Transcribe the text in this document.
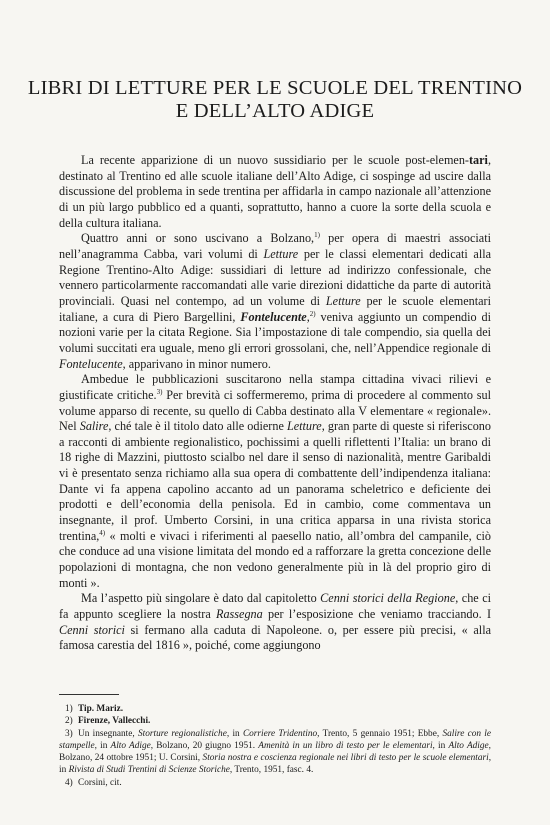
LIBRI DI LETTURE PER LE SCUOLE DEL TRENTINO
E DELL’ALTO ADIGE

La recente apparizione di un nuovo sussidiario per le scuole post-elemen-tari, destinato al Trentino ed alle scuole italiane dell’Alto Adige, ci sospinge ad uscire dalla discussione del problema in sede trentina per affidarla in campo nazionale all’attenzione di un più largo pubblico ed a quanti, soprattutto, hanno a cuore la sorte della scuola e della cultura italiana.

Quattro anni or sono uscivano a Bolzano,$^{1)}$ per opera di maestri associati nell’anagramma Cabba, vari volumi di Letture per le classi elementari dedicati alla Regione Trentino-Alto Adige: sussidiari di letture ad indirizzo confessionale, che vennero particolarmente raccomandati alle varie direzioni didattiche da parte di autorità provinciali. Quasi nel contempo, ad un volume di Letture per le scuole elementari italiane, a cura di Piero Bargellini, Fontelucente,$^{2)}$ veniva aggiunto un compendio di nozioni varie per la citata Regione. Sia l’impostazione di tale compendio, sia quella dei volumi succitati era uguale, meno gli errori grossolani, che, nell’Appendice regionale di Fontelucente, apparivano in minor numero.

Ambedue le pubblicazioni suscitarono nella stampa cittadina vivaci rilievi e giustificate critiche.$^{3)}$ Per brevità ci soffermeremo, prima di procedere al commento sul volume apparso di recente, su quello di Cabba destinato alla V elementare « regionale». Nel Salire, ché tale è il titolo dato alle odierne Letture, gran parte di queste si riferiscono a racconti di ambiente regionalistico, pochissimi a quelli riflettenti l’Italia: un brano di 18 righe di Mazzini, piuttosto scialbo nel dare il senso di nazionalità, mentre Garibaldi vi è presentato senza richiamo alla sua opera di combattente dell’indipendenza italiana: Dante vi fa appena capolino accanto ad un panorama scheletrico e deficiente dei prodotti e dell’economia della penisola. Ed in cambio, come commentava un insegnante, il prof. Umberto Corsini, in una critica apparsa in una rivista storica trentina,$^{4)}$ « molti e vivaci i riferimenti al paesello natio, all’ombra del campanile, ciò che conduce ad una visione limitata del mondo ed a rafforzare la gretta concezione delle popolazioni di montagna, che non vedono generalmente più in là del proprio giro di monti ».

Ma l’aspetto più singolare è dato dal capitoletto Cenni storici della Regione, che ci fa appunto scegliere la nostra Rassegna per l’esposizione che veniamo tracciando. I Cenni storici si fermano alla caduta di Napoleone. o, per essere più precisi, « alla famosa carestia del 1816 », poiché, come aggiungono

1) Tip. Mariz.
2) Firenze, Vallecchi.
3) Un insegnante, Storture regionalistiche, in Corriere Tridentino, Trento, 5 gennaio 1951; Ebbe, Salire con le stampelle, in Alto Adige, Bolzano, 20 giugno 1951. Amenità in un libro di testo per le elementari, in Alto Adige, Bolzano, 24 ottobre 1951; U. Corsini, Storia nostra e coscienza regionale nei libri di testo per le scuole elementari, in Rivista di Studi Trentini di Scienze Storiche, Trento, 1951, fasc. 4.
4) Corsini, cit.
